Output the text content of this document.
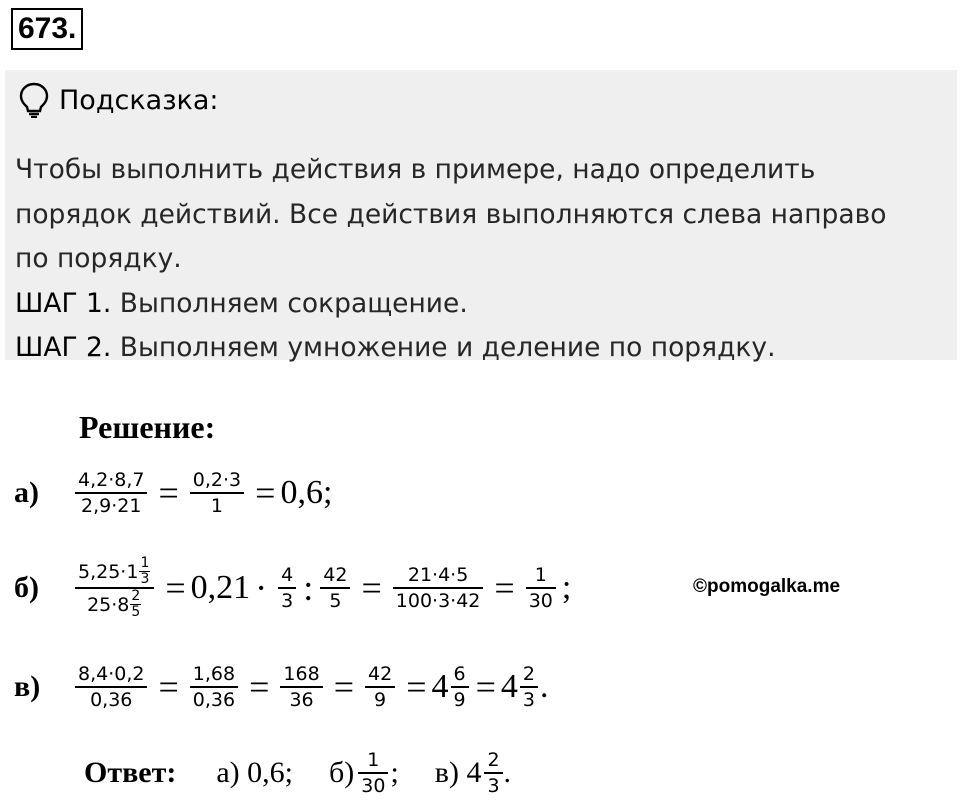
673.
Подсказка:
Чтобы выполнить действия в примере, надо определить
порядок действий. Все действия выполняются слева направо
по порядку.
ШАГ 1. Выполняем сокращение.
ШАГ 2. Выполняем умножение и деление по порядку.
Решение:
а)	$\frac{4,2\cdot 8,7}{2,9\cdot 21} = \frac{0,2\cdot 3}{1} = 0,6$;
б)	$\frac{5,25\cdot 1 \frac{1}{3}}{25\cdot 8 \frac{2}{5}} = 0,21 \cdot \frac{4}{3}$ : $\frac{42}{5} = \frac{21\cdot 4\cdot 5}{100\cdot 3\cdot 42} = \frac{1}{30}$ ;	©pomogalka.me
в)	$\frac{8,4\cdot 0,2}{0,36} = \frac{1,68}{0,36} = \frac{168}{36} = \frac{42}{9} = 4 \frac{6}{9} = 4 \frac{2}{3}$ .
Ответ: а)
0,6; $б) \frac{1}{30}$ ; в)
$4 \frac{2}{3}$ .
